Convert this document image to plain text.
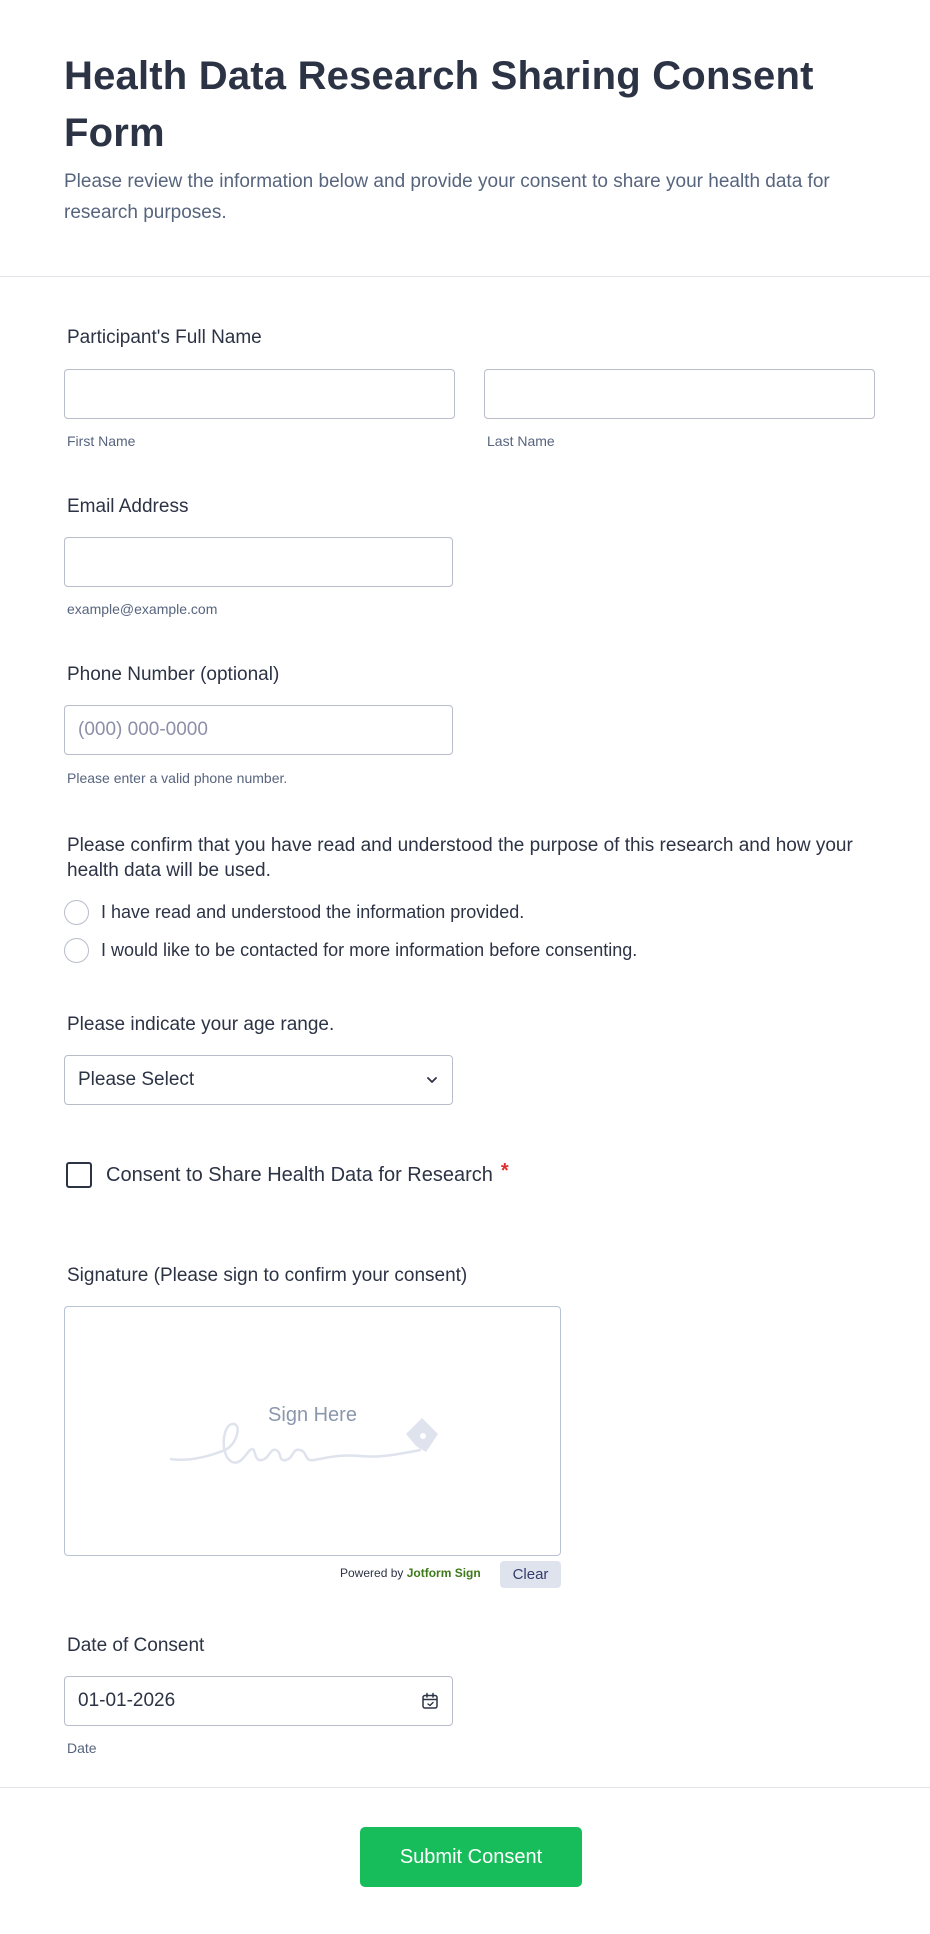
Health Data Research Sharing Consent Form
Please review the information below and provide your consent to share your health data for research purposes.
Participant's Full Name
First Name	Last Name
Email Address
example@example.com
Phone Number (optional)
(000) 000-0000
Please enter a valid phone number.
Please confirm that you have read and understood the purpose of this research and how your health data will be used.
I have read and understood the information provided.
I would like to be contacted for more information before consenting.
Please indicate your age range.
Please Select
Consent to Share Health Data for Research *
Signature (Please sign to confirm your consent)
Sign Here
Powered by Jotform Sign	Clear
Date of Consent
01-01-2026
Date
Submit Consent
